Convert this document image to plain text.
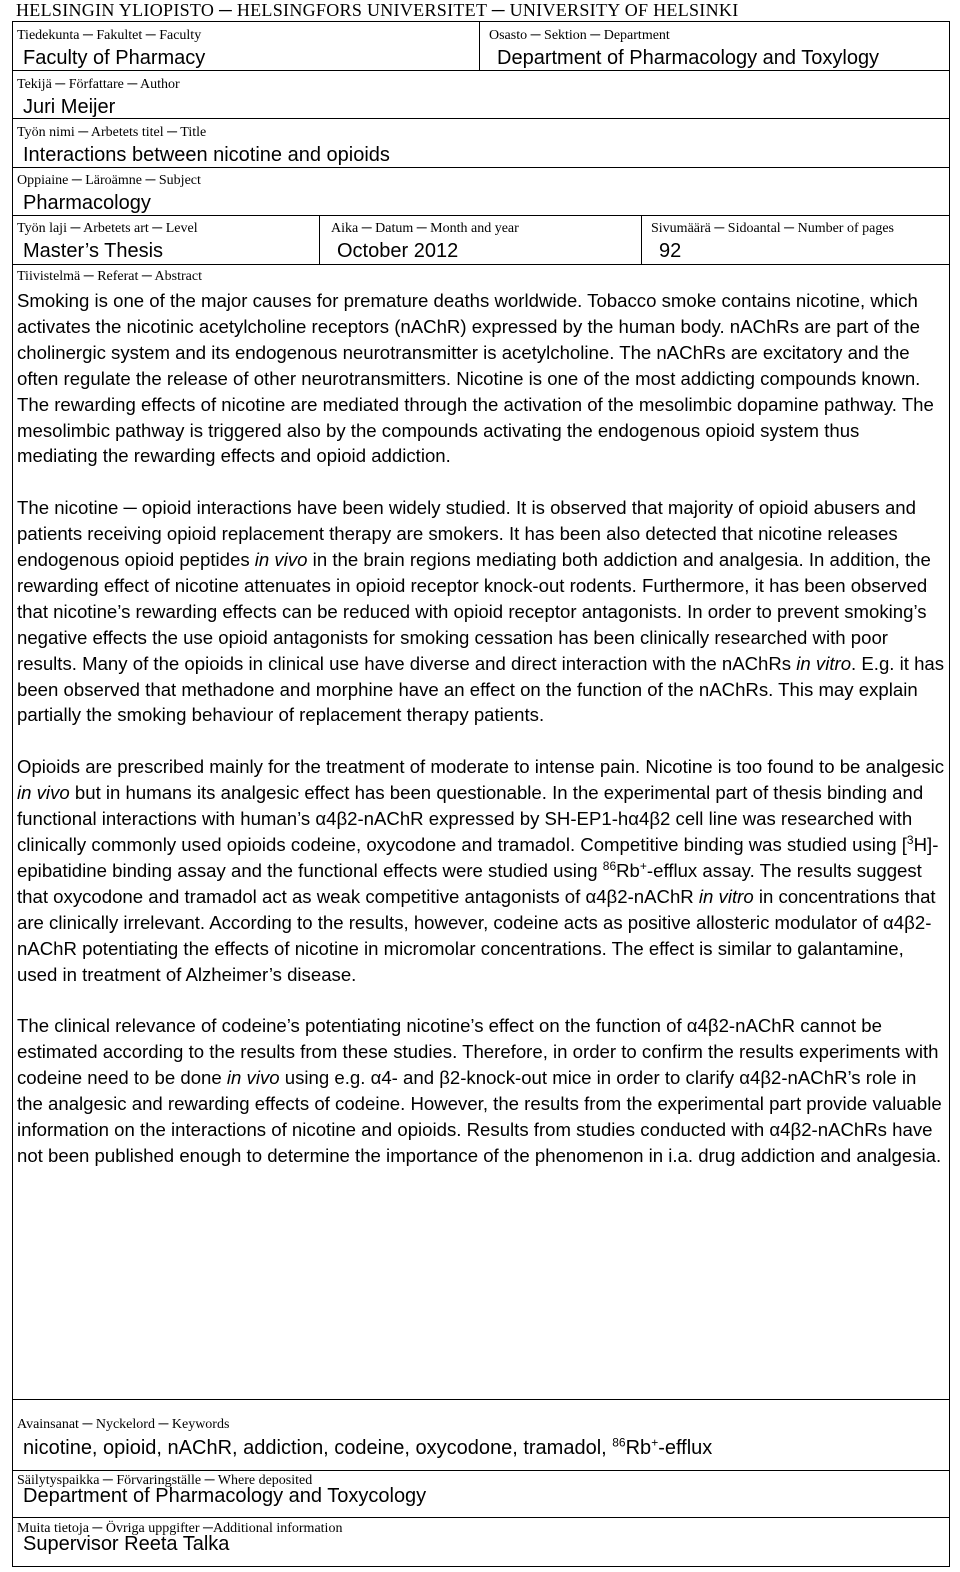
HELSINGIN YLIOPISTO ─ HELSINGFORS UNIVERSITET ─ UNIVERSITY OF HELSINKI
Tiedekunta ─ Fakultet ─ Faculty
Faculty of Pharmacy
Osasto ─ Sektion ─ Department
Department of Pharmacology and Toxylogy
Tekijä ─ Författare ─ Author
Juri Meijer
Työn nimi ─ Arbetets titel ─ Title
Interactions between nicotine and opioids
Oppiaine ─ Läroämne ─ Subject
Pharmacology
Työn laji ─ Arbetets art ─ Level
Master’s Thesis
Aika ─ Datum ─ Month and year
October 2012
Sivumäärä ─ Sidoantal ─ Number of pages
92
Tiivistelmä ─ Referat ─ Abstract

Smoking is one of the major causes for premature deaths worldwide. Tobacco smoke contains nicotine, which activates the nicotinic acetylcholine receptors (nAChR) expressed by the human body. nAChRs are part of the cholinergic system and its endogenous neurotransmitter is acetylcholine. The nAChRs are excitatory and the often regulate the release of other neurotransmitters. Nicotine is one of the most addicting compounds known. The rewarding effects of nicotine are mediated through the activation of the mesolimbic dopamine pathway. The mesolimbic pathway is triggered also by the compounds activating the endogenous opioid system thus mediating the rewarding effects and opioid addiction.

The nicotine ─ opioid interactions have been widely studied. It is observed that majority of opioid abusers and patients receiving opioid replacement therapy are smokers. It has been also detected that nicotine releases endogenous opioid peptides in vivo in the brain regions mediating both addiction and analgesia. In addition, the rewarding effect of nicotine attenuates in opioid receptor knock-out rodents. Furthermore, it has been observed that nicotine’s rewarding effects can be reduced with opioid receptor antagonists. In order to prevent smoking’s negative effects the use opioid antagonists for smoking cessation has been clinically researched with poor results. Many of the opioids in clinical use have diverse and direct interaction with the nAChRs in vitro. E.g. it has been observed that methadone and morphine have an effect on the function of the nAChRs. This may explain partially the smoking behaviour of replacement therapy patients.

Opioids are prescribed mainly for the treatment of moderate to intense pain. Nicotine is too found to be analgesic in vivo but in humans its analgesic effect has been questionable. In the experimental part of thesis binding and functional interactions with human’s α4β2-nAChR expressed by SH-EP1-hα4β2 cell line was researched with clinically commonly used opioids codeine, oxycodone and tramadol. Competitive binding was studied using [$^3$H]-epibatidine binding assay and the functional effects were studied using $^{86}$Rb+-efflux assay. The results suggest that oxycodone and tramadol act as weak competitive antagonists of α4β2-nAChR in vitro in concentrations that are clinically irrelevant. According to the results, however, codeine acts as positive allosteric modulator of α4β2-nAChR potentiating the effects of nicotine in micromolar concentrations. The effect is similar to galantamine, used in treatment of Alzheimer’s disease.

The clinical relevance of codeine’s potentiating nicotine’s effect on the function of α4β2-nAChR cannot be estimated according to the results from these studies. Therefore, in order to confirm the results experiments with codeine need to be done in vivo using e.g. α4- and β2-knock-out mice in order to clarify α4β2-nAChR’s role in the analgesic and rewarding effects of codeine. However, the results from the experimental part provide valuable information on the interactions of nicotine and opioids. Results from studies conducted with α4β2-nAChRs have not been published enough to determine the importance of the phenomenon in i.a. drug addiction and analgesia.

Avainsanat ─ Nyckelord ─ Keywords
nicotine, opioid, nAChR, addiction, codeine, oxycodone, tramadol, $^{86}$Rb+-efflux
Säilytyspaikka ─ Förvaringställe ─ Where deposited
Department of Pharmacology and Toxycology
Muita tietoja ─ Övriga uppgifter ─Additional information
Supervisor Reeta Talka
